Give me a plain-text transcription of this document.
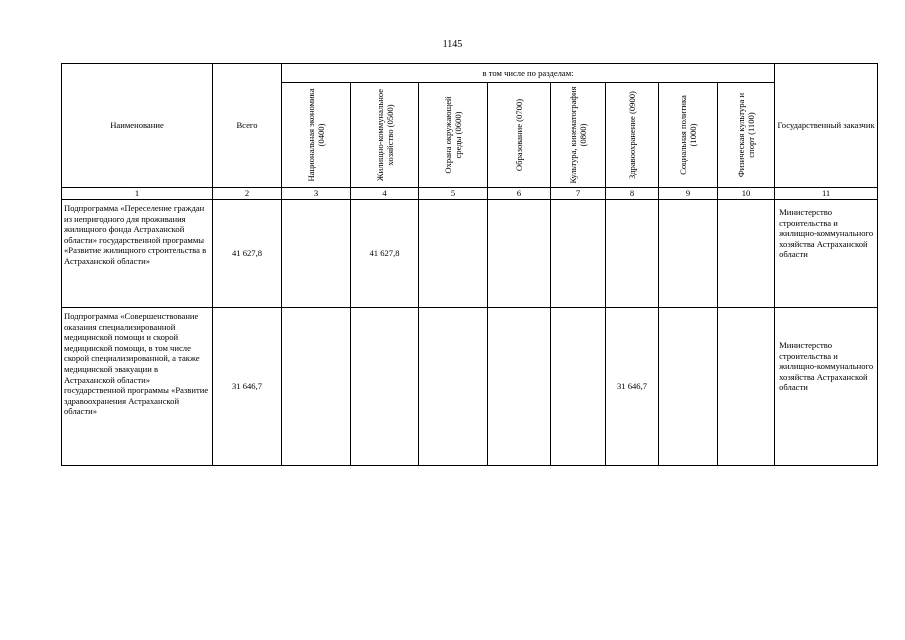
1145
Наименование	Всего	в том числе по разделам:								Государственный заказчик

		Национальная экономика (0400)	Жилищно-коммунальное хозяйство (0500)	Охрана окружающей среды (0600)	Образование (0700)	Культура, кинематография (0800)	Здравоохранение (0900)	Социальная политика (1000)	Физическая культура и спорт (1100)	

1	2	3	4	5	6	7	8	9	10	11
Подпрограмма «Переселение граждан из непригодного для проживания жилищного фонда Астраханской области» государственной программы «Развитие жилищного строительства в Астраханской области»	41 627,8		41 627,8							Министерство строительства и жилищно-коммунального хозяйства Астраханской области

Подпрограмма «Совершенствование оказания специализированной медицинской помощи и скорой медицинской помощи, в том числе скорой специализированной, а также медицинской эвакуации в Астраханской области» государственной программы «Развитие здравоохранения Астраханской области»	31 646,7						31 646,7			Министерство строительства и жилищно-коммунального хозяйства Астраханской области
